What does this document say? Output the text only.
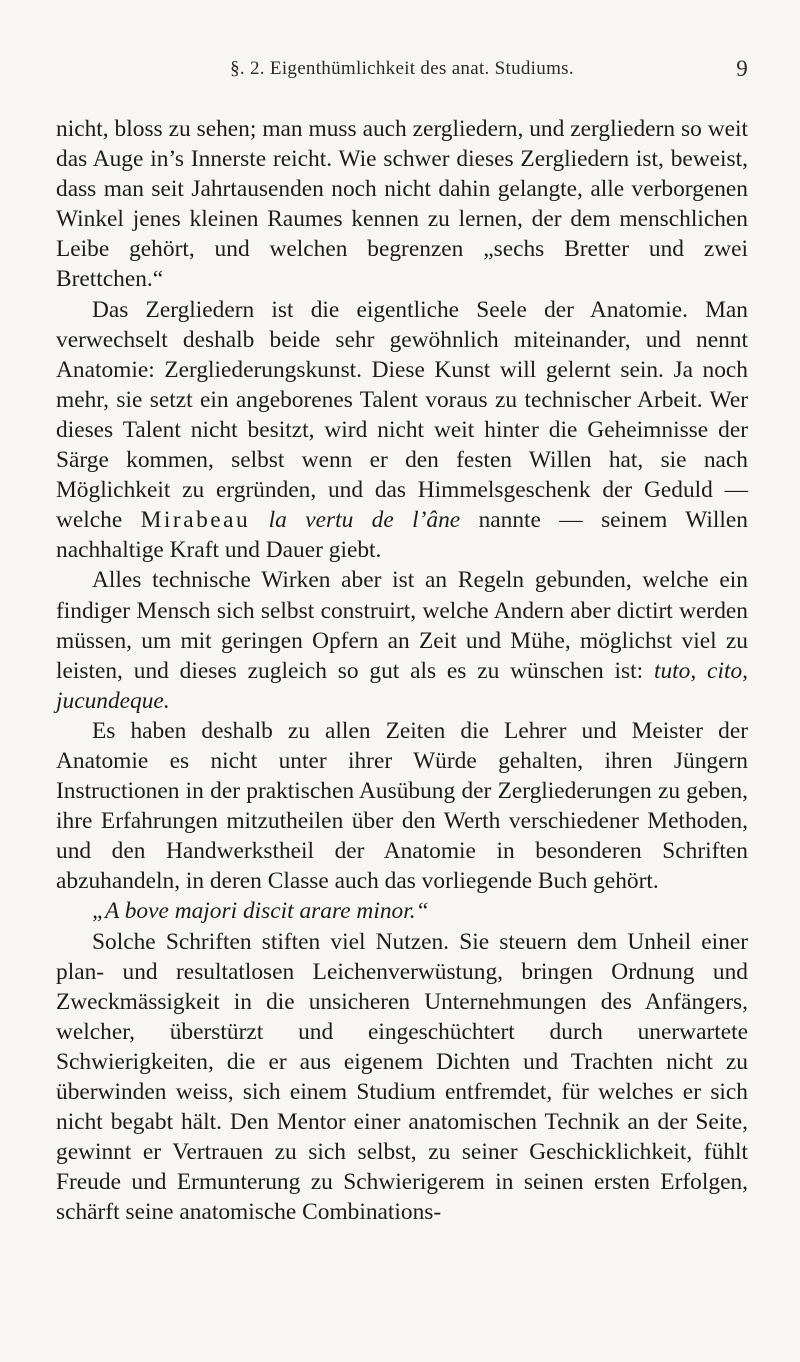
§. 2. Eigenthümlichkeit des anat. Studiums.	9

nicht, bloss zu sehen; man muss auch zergliedern, und zergliedern so weit das Auge in’s Innerste reicht. Wie schwer dieses Zergliedern ist, beweist, dass man seit Jahrtausenden noch nicht dahin gelangte, alle verborgenen Winkel jenes kleinen Raumes kennen zu lernen, der dem menschlichen Leibe gehört, und welchen begrenzen „sechs Bretter und zwei Brettchen.“

Das Zergliedern ist die eigentliche Seele der Anatomie. Man verwechselt deshalb beide sehr gewöhnlich miteinander, und nennt Anatomie: Zergliederungskunst. Diese Kunst will gelernt sein. Ja noch mehr, sie setzt ein angeborenes Talent voraus zu technischer Arbeit. Wer dieses Talent nicht besitzt, wird nicht weit hinter die Geheimnisse der Särge kommen, selbst wenn er den festen Willen hat, sie nach Möglichkeit zu ergründen, und das Himmelsgeschenk der Geduld — welche Mirabeau la vertu de l’âne nannte — seinem Willen nachhaltige Kraft und Dauer giebt.

Alles technische Wirken aber ist an Regeln gebunden, welche ein findiger Mensch sich selbst construirt, welche Andern aber dictirt werden müssen, um mit geringen Opfern an Zeit und Mühe, möglichst viel zu leisten, und dieses zugleich so gut als es zu wünschen ist: tuto, cito, jucundeque.

Es haben deshalb zu allen Zeiten die Lehrer und Meister der Anatomie es nicht unter ihrer Würde gehalten, ihren Jüngern Instructionen in der praktischen Ausübung der Zergliederungen zu geben, ihre Erfahrungen mitzutheilen über den Werth verschiedener Methoden, und den Handwerkstheil der Anatomie in besonderen Schriften abzuhandeln, in deren Classe auch das vorliegende Buch gehört.

„A bove majori discit arare minor.“

Solche Schriften stiften viel Nutzen. Sie steuern dem Unheil einer plan- und resultatlosen Leichenverwüstung, bringen Ordnung und Zweckmässigkeit in die unsicheren Unternehmungen des Anfängers, welcher, überstürzt und eingeschüchtert durch unerwartete Schwierigkeiten, die er aus eigenem Dichten und Trachten nicht zu überwinden weiss, sich einem Studium entfremdet, für welches er sich nicht begabt hält. Den Mentor einer anatomischen Technik an der Seite, gewinnt er Vertrauen zu sich selbst, zu seiner Geschicklichkeit, fühlt Freude und Ermunterung zu Schwierigerem in seinen ersten Erfolgen, schärft seine anatomische Combinations-
